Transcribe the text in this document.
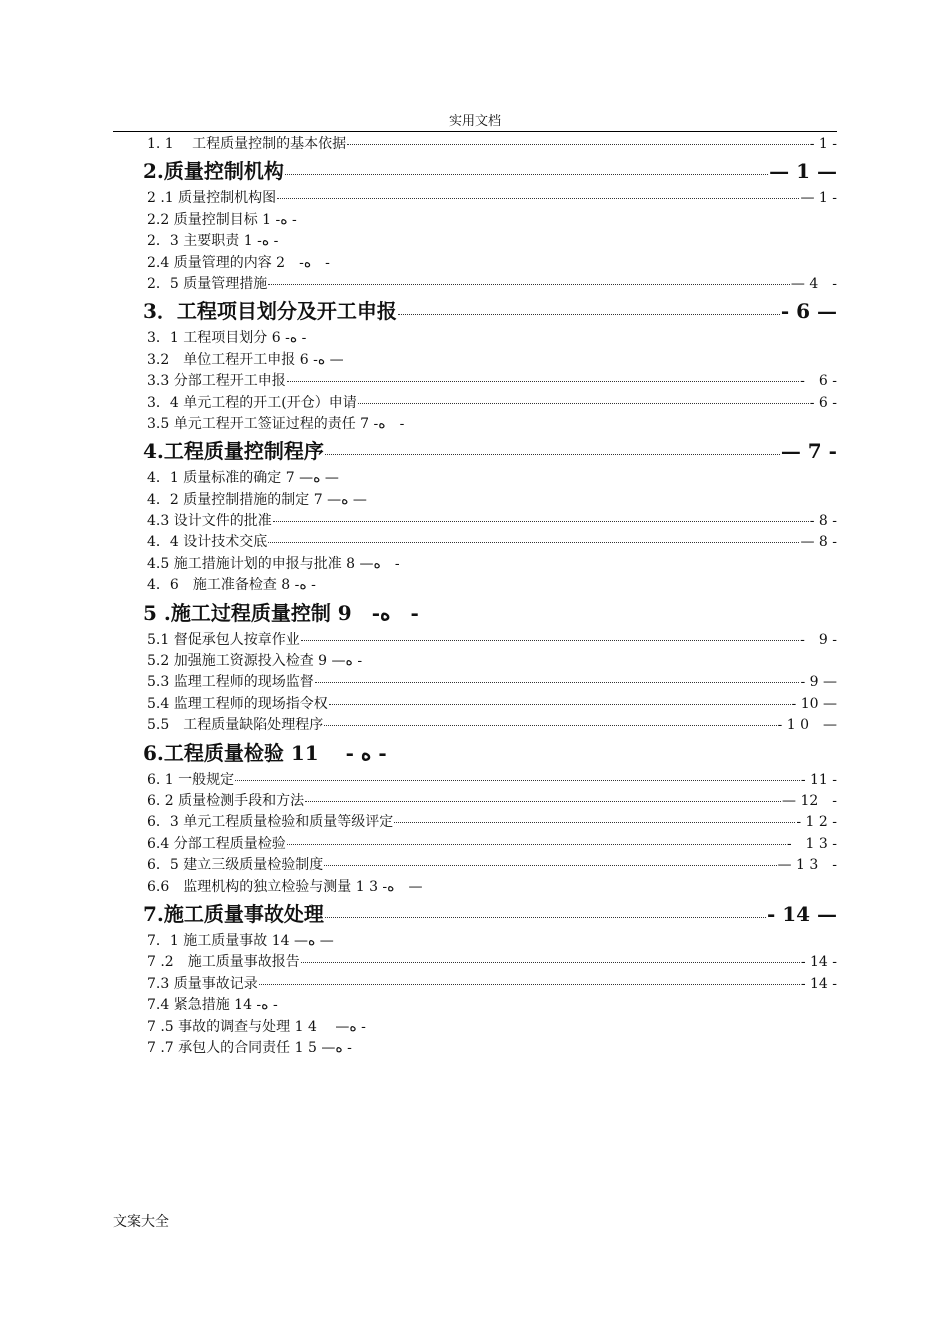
实用文档
1. 1　 工程质量控制的基本依据	- 1 -
2.质量控制机构	— 1 —
2 .1 质量控制机构图	— 1 -
2.2 质量控制目标 1 -ه -
2．3 主要职责 1 -ه -
2.4 质量管理的内容 2　-ه　-
2．5 质量管理措施	— 4　-
3．工程项目划分及开工申报	- 6 —
3．1 工程项目划分 6 -ه -
3.2　单位工程开工申报 6 -ه —
3.3 分部工程开工申报	-　6 -
3．4 单元工程的开工(开仓）申请	- 6 -
3.5 单元工程开工签证过程的责任 7 -ه　-
4.工程质量控制程序	— 7 -
4．1 质量标准的确定 7 —ه —
4．2 质量控制措施的制定 7 —ه —
4.3 设计文件的批准	- 8 -
4．4 设计技术交底	— 8 -
4.5 施工措施计划的申报与批准 8 —ه　-
4．6　施工准备检查 8 -ه -
5 .施工过程质量控制 9　-ه　-
5.1 督促承包人按章作业	-　9 -
5.2 加强施工资源投入检查 9 —ه -
5.3 监理工程师的现场监督	- 9 —
5.4 监理工程师的现场指令权	- 10 —
5.5　工程质量缺陷处理程序	- 1 0　—
6.工程质量检验 11　 - ه -
6. 1 一般规定	- 11 -
6. 2 质量检测手段和方法	— 12　-
6．3 单元工程质量检验和质量等级评定	- 1 2 -
6.4 分部工程质量检验	-　1 3 -
6．5 建立三级质量检验制度	— 1 3　-
6.6　监理机构的独立检验与测量 1 3 -ه　—
7.施工质量事故处理	- 14 —
7．1 施工质量事故 14 —ه —
7 .2　施工质量事故报告	- 14 -
7.3 质量事故记录	- 14 -
7.4 紧急措施 14 -ه -
7 .5 事故的调查与处理 1 4　 —ه -
7 .7 承包人的合同责任 1 5 —ه -
文案大全
